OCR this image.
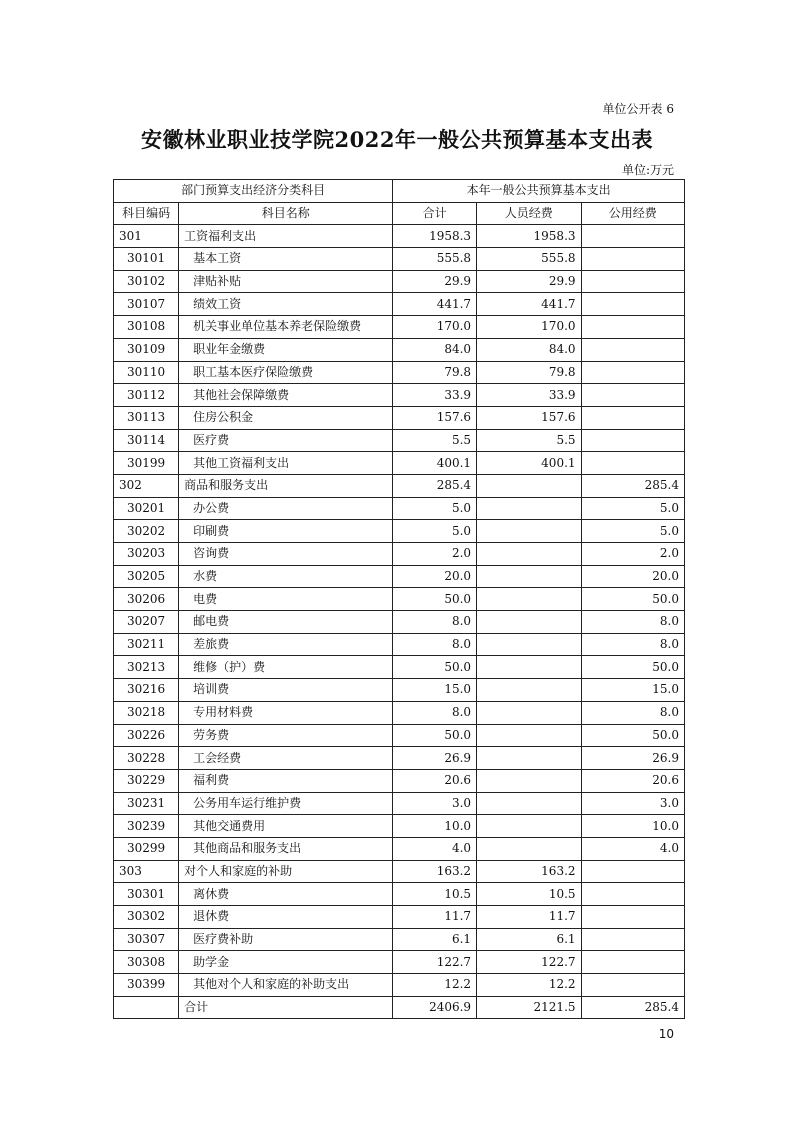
单位公开表 6
安徽林业职业技学院2022年一般公共预算基本支出表
单位:万元
部门预算支出经济分类科目		本年一般公共预算基本支出		
科目编码	科目名称	合计	人员经费	公用经费
301	工资福利支出	1958.3	1958.3	
30101	基本工资	555.8	555.8	
30102	津贴补贴	29.9	29.9	
30107	绩效工资	441.7	441.7	
30108	机关事业单位基本养老保险缴费	170.0	170.0	
30109	职业年金缴费	84.0	84.0	
30110	职工基本医疗保险缴费	79.8	79.8	
30112	其他社会保障缴费	33.9	33.9	
30113	住房公积金	157.6	157.6	
30114	医疗费	5.5	5.5	
30199	其他工资福利支出	400.1	400.1	
302	商品和服务支出	285.4		285.4
30201	办公费	5.0		5.0
30202	印刷费	5.0		5.0
30203	咨询费	2.0		2.0
30205	水费	20.0		20.0
30206	电费	50.0		50.0
30207	邮电费	8.0		8.0
30211	差旅费	8.0		8.0
30213	维修（护）费	50.0		50.0
30216	培训费	15.0		15.0
30218	专用材料费	8.0		8.0
30226	劳务费	50.0		50.0
30228	工会经费	26.9		26.9
30229	福利费	20.6		20.6
30231	公务用车运行维护费	3.0		3.0
30239	其他交通费用	10.0		10.0
30299	其他商品和服务支出	4.0		4.0
303	对个人和家庭的补助	163.2	163.2	
30301	离休费	10.5	10.5	
30302	退休费	11.7	11.7	
30307	医疗费补助	6.1	6.1	
30308	助学金	122.7	122.7	
30399	其他对个人和家庭的补助支出	12.2	12.2	
	合计	2406.9	2121.5	285.4
10
